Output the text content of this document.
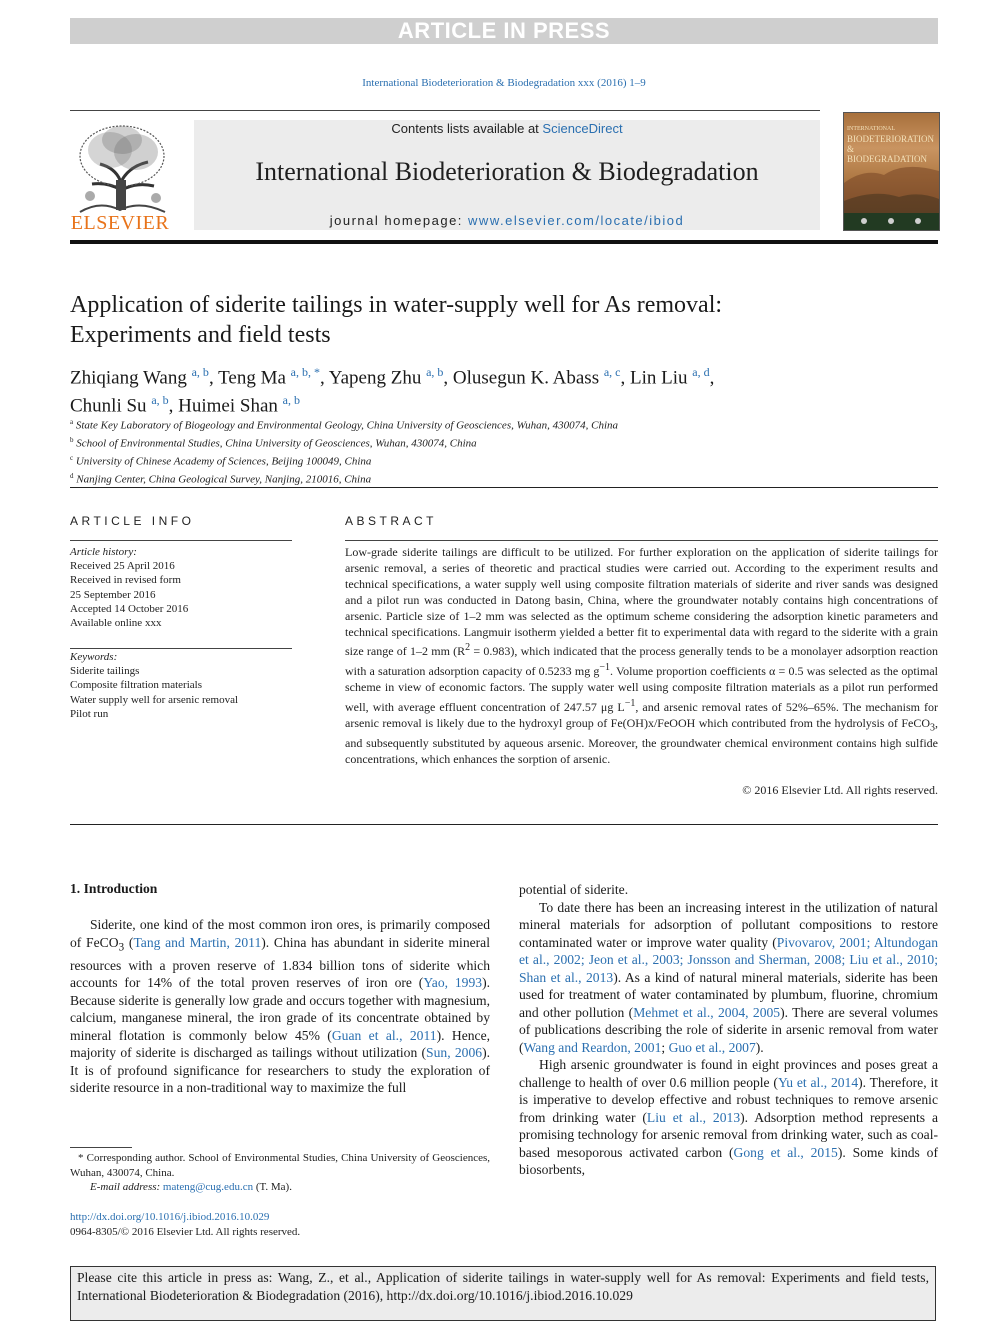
ARTICLE IN PRESS
International Biodeterioration & Biodegradation xxx (2016) 1–9
ELSEVIER
Contents lists available at ScienceDirect
International Biodeterioration & Biodegradation
journal homepage: www.elsevier.com/locate/ibiod
INTERNATIONAL
BIODETERIORATION
& BIODEGRADATION
Application of siderite tailings in water-supply well for As removal:
Experiments and field tests
Zhiqiang Wang $^{a, b}$, Teng Ma $^{a, b, *}$, Yapeng Zhu $^{a, b}$, Olusegun K. Abass $^{a, c}$, Lin Liu $^{a, d}$,
Chunli Su $^{a, b}$, Huimei Shan $^{a, b}$
$^a$ State Key Laboratory of Biogeology and Environmental Geology, China University of Geosciences, Wuhan, 430074, China
$^b$ School of Environmental Studies, China University of Geosciences, Wuhan, 430074, China
$^c$ University of Chinese Academy of Sciences, Beijing 100049, China
$^d$ Nanjing Center, China Geological Survey, Nanjing, 210016, China
ARTICLE INFO
Article history:
Received 25 April 2016
Received in revised form
25 September 2016
Accepted 14 October 2016
Available online xxx
Keywords:
Siderite tailings
Composite filtration materials
Water supply well for arsenic removal
Pilot run
ABSTRACT
Low-grade siderite tailings are difficult to be utilized. For further exploration on the application of siderite tailings for arsenic removal, a series of theoretic and practical studies were carried out. According to the experiment results and technical specifications, a water supply well using composite filtration materials of siderite and river sands was designed and a pilot run was conducted in Datong basin, China, where the groundwater notably contains high concentrations of arsenic. Particle size of 1–2 mm was selected as the optimum scheme considering the adsorption kinetic parameters and technical specifications. Langmuir isotherm yielded a better fit to experimental data with regard to the siderite with a grain size range of 1–2 mm $(R^2 = 0.983)$, which indicated that the process generally tends to be a monolayer adsorption reaction with a saturation adsorption capacity of 0.5233 mg $g^{-1}$. Volume proportion coefficients α = 0.5 was selected as the optimal scheme in view of economic factors. The supply water well using composite filtration materials as a pilot run performed well, with average effluent concentration of 247.57 μg $L^{-1}$, and arsenic removal rates of 52%–65%. The mechanism for arsenic removal is likely due to the hydroxyl group of Fe(OH)x/FeOOH which contributed from the hydrolysis of FeCO$_3$, and subsequently substituted by aqueous arsenic. Moreover, the groundwater chemical environment contains high sulfide concentrations, which enhances the sorption of arsenic.
© 2016 Elsevier Ltd. All rights reserved.
1. Introduction

Siderite, one kind of the most common iron ores, is primarily composed of FeCO$_3$ (Tang and Martin, 2011). China has abundant in siderite mineral resources with a proven reserve of 1.834 billion tons of siderite which accounts for 14% of the total proven reserves of iron ore (Yao, 1993). Because siderite is generally low grade and occurs together with magnesium, calcium, manganese mineral, the iron grade of its concentrate obtained by mineral flotation is commonly below 45% (Guan et al., 2011). Hence, majority of siderite is discharged as tailings without utilization (Sun, 2006). It is of profound significance for researchers to study the exploration of siderite resource in a non-traditional way to maximize the full

potential of siderite.

To date there has been an increasing interest in the utilization of natural mineral materials for adsorption of pollutant compositions to restore contaminated water or improve water quality (Pivovarov, 2001; Altundogan et al., 2002; Jeon et al., 2003; Jonsson and Sherman, 2008; Liu et al., 2010; Shan et al., 2013). As a kind of natural mineral materials, siderite has been used for treatment of water contaminated by plumbum, fluorine, chromium and other pollution (Mehmet et al., 2004, 2005). There are several volumes of publications describing the role of siderite in arsenic removal from water (Wang and Reardon, 2001; Guo et al., 2007).

High arsenic groundwater is found in eight provinces and poses great a challenge to health of over 0.6 million people (Yu et al., 2014). Therefore, it is imperative to develop effective and robust techniques to remove arsenic from drinking water (Liu et al., 2013). Adsorption method represents a promising technology for arsenic removal from drinking water, such as coal-based mesoporous activated carbon (Gong et al., 2015). Some kinds of biosorbents,

* Corresponding author. School of Environmental Studies, China University of Geosciences, Wuhan, 430074, China.
E-mail address: mateng@cug.edu.cn (T. Ma).
http://dx.doi.org/10.1016/j.ibiod.2016.10.029
0964-8305/© 2016 Elsevier Ltd. All rights reserved.
Please cite this article in press as: Wang, Z., et al., Application of siderite tailings in water-supply well for As removal: Experiments and field tests, International Biodeterioration & Biodegradation (2016), http://dx.doi.org/10.1016/j.ibiod.2016.10.029
